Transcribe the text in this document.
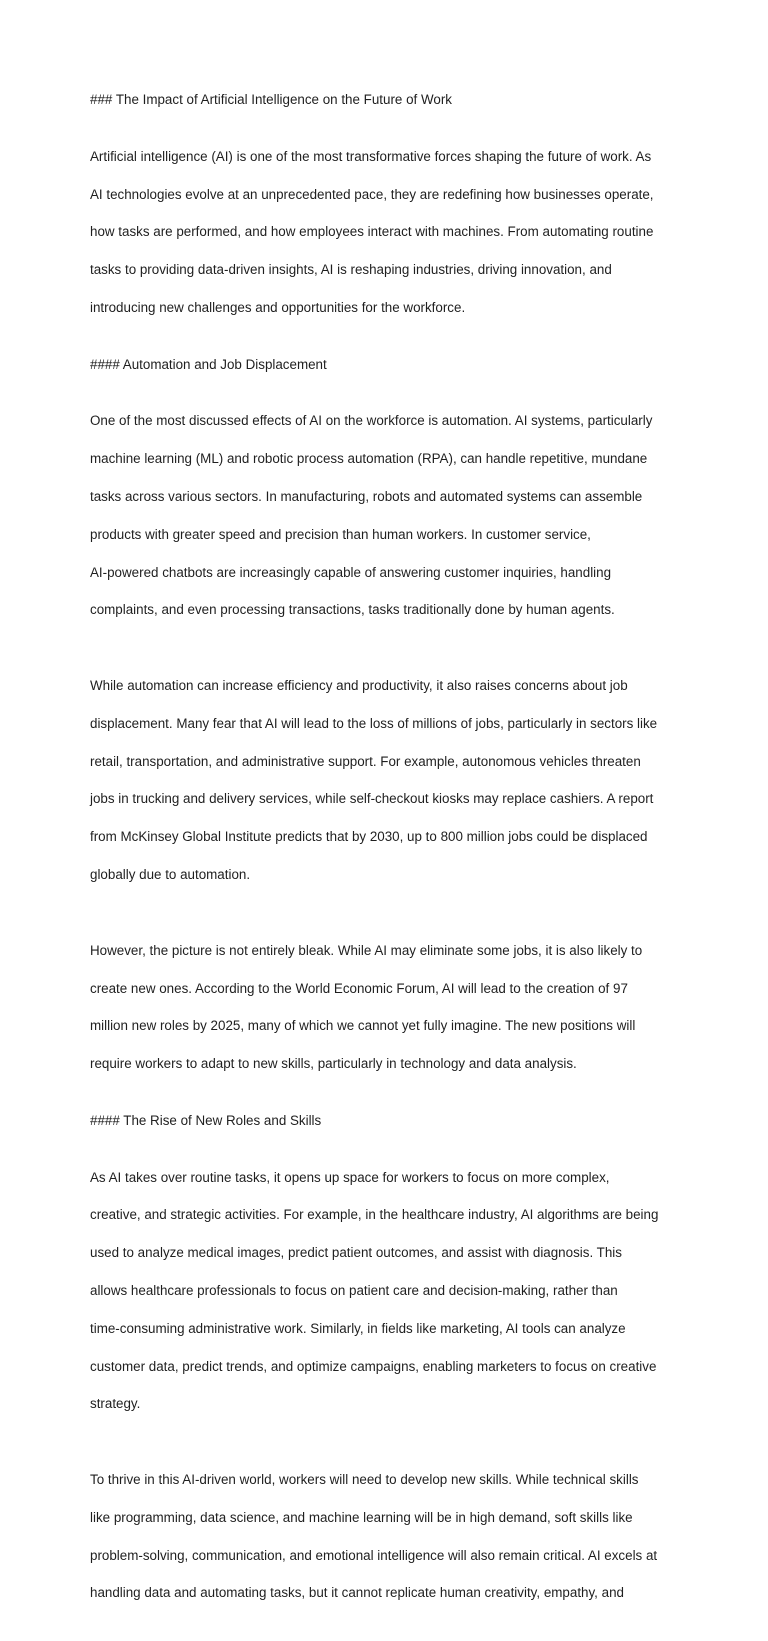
### The Impact of Artificial Intelligence on the Future of Work

Artificial intelligence (AI) is one of the most transformative forces shaping the future of work. As

AI technologies evolve at an unprecedented pace, they are redefining how businesses operate,

how tasks are performed, and how employees interact with machines. From automating routine

tasks to providing data-driven insights, AI is reshaping industries, driving innovation, and

introducing new challenges and opportunities for the workforce.

#### Automation and Job Displacement

One of the most discussed effects of AI on the workforce is automation. AI systems, particularly

machine learning (ML) and robotic process automation (RPA), can handle repetitive, mundane

tasks across various sectors. In manufacturing, robots and automated systems can assemble

products with greater speed and precision than human workers. In customer service,

AI-powered chatbots are increasingly capable of answering customer inquiries, handling

complaints, and even processing transactions, tasks traditionally done by human agents.

While automation can increase efficiency and productivity, it also raises concerns about job

displacement. Many fear that AI will lead to the loss of millions of jobs, particularly in sectors like

retail, transportation, and administrative support. For example, autonomous vehicles threaten

jobs in trucking and delivery services, while self-checkout kiosks may replace cashiers. A report

from McKinsey Global Institute predicts that by 2030, up to 800 million jobs could be displaced

globally due to automation.

However, the picture is not entirely bleak. While AI may eliminate some jobs, it is also likely to

create new ones. According to the World Economic Forum, AI will lead to the creation of 97

million new roles by 2025, many of which we cannot yet fully imagine. The new positions will

require workers to adapt to new skills, particularly in technology and data analysis.

#### The Rise of New Roles and Skills

As AI takes over routine tasks, it opens up space for workers to focus on more complex,

creative, and strategic activities. For example, in the healthcare industry, AI algorithms are being

used to analyze medical images, predict patient outcomes, and assist with diagnosis. This

allows healthcare professionals to focus on patient care and decision-making, rather than

time-consuming administrative work. Similarly, in fields like marketing, AI tools can analyze

customer data, predict trends, and optimize campaigns, enabling marketers to focus on creative

strategy.

To thrive in this AI-driven world, workers will need to develop new skills. While technical skills

like programming, data science, and machine learning will be in high demand, soft skills like

problem-solving, communication, and emotional intelligence will also remain critical. AI excels at

handling data and automating tasks, but it cannot replicate human creativity, empathy, and
